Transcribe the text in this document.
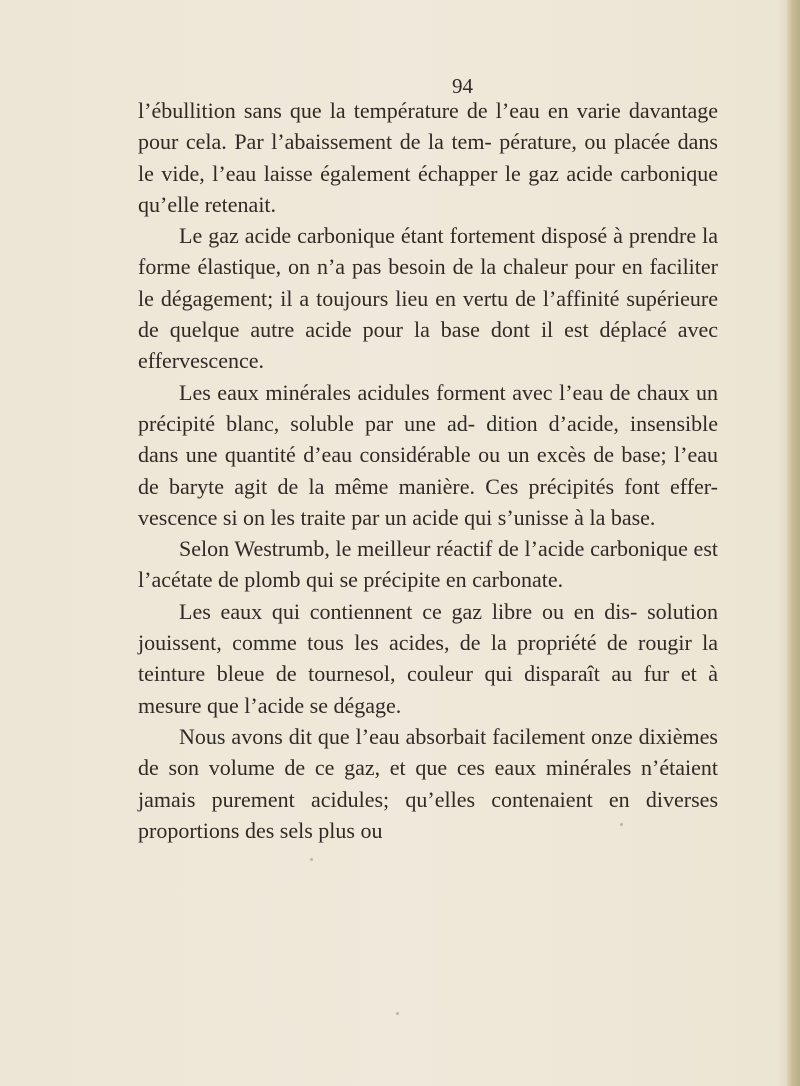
94

l’ébullition sans que la température de l’eau en varie davantage pour cela. Par l’abaissement de la tem- pérature, ou placée dans le vide, l’eau laisse également échapper le gaz acide carbonique qu’elle retenait.

Le gaz acide carbonique étant fortement disposé à prendre la forme élastique, on n’a pas besoin de la chaleur pour en faciliter le dégagement; il a toujours lieu en vertu de l’affinité supérieure de quelque autre acide pour la base dont il est déplacé avec effervescence.

Les eaux minérales acidules forment avec l’eau de chaux un précipité blanc, soluble par une ad- dition d’acide, insensible dans une quantité d’eau considérable ou un excès de base; l’eau de baryte agit de la même manière. Ces précipités font effer- vescence si on les traite par un acide qui s’unisse à la base.

Selon Westrumb, le meilleur réactif de l’acide carbonique est l’acétate de plomb qui se précipite en carbonate.

Les eaux qui contiennent ce gaz libre ou en dis- solution jouissent, comme tous les acides, de la propriété de rougir la teinture bleue de tournesol, couleur qui disparaît au fur et à mesure que l’acide se dégage.

Nous avons dit que l’eau absorbait facilement onze dixièmes de son volume de ce gaz, et que ces eaux minérales n’étaient jamais purement acidules; qu’elles contenaient en diverses proportions des sels plus ou
